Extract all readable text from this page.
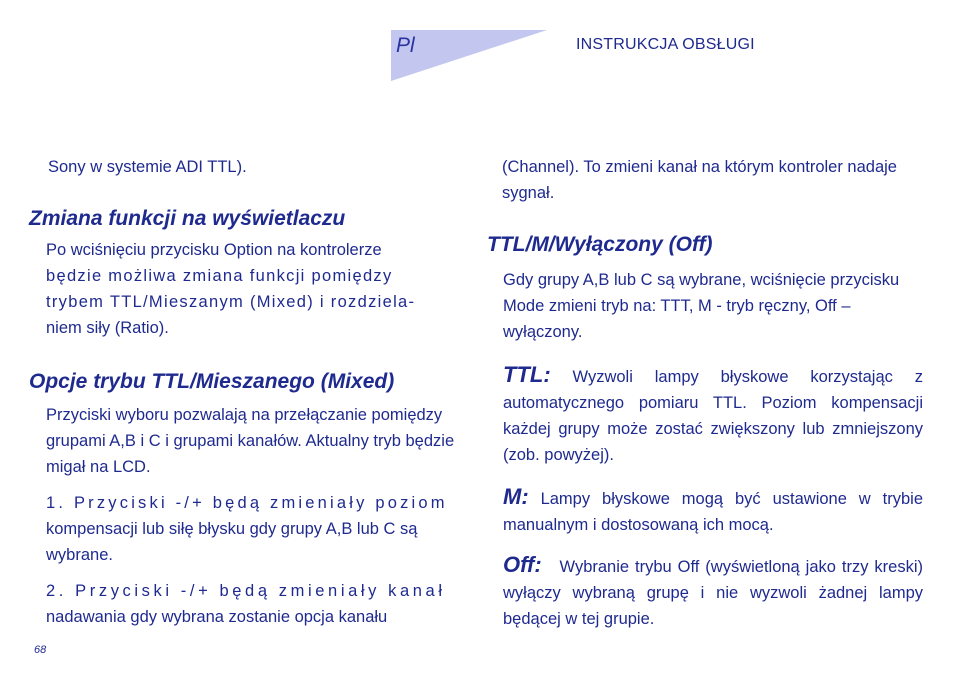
Pl	INSTRUKCJA OBSŁUGI
Sony w systemie ADI TTL).
Zmiana funkcji na wyświetlaczu
Po wciśnięciu przycisku Option na kontrolerze
będzie możliwa zmiana funkcji pomiędzy
trybem TTL/Mieszanym (Mixed) i rozdziela-
niem siły (Ratio).
Opcje trybu TTL/Mieszanego (Mixed)
Przyciski wyboru pozwalają na przełączanie pomiędzy grupami A,B i C i grupami kanałów. Aktualny tryb będzie migał na LCD.
1. Przyciski -/+ będą zmieniały poziom
kompensacji lub siłę błysku gdy grupy A,B lub C są wybrane.
2. Przyciski -/+ będą zmieniały kanał
nadawania gdy wybrana zostanie opcja kanału
(Channel). To zmieni kanał na którym kontroler nadaje sygnał.
TTL/M/Wyłączony (Off)
Gdy grupy A,B lub C są wybrane, wciśnięcie przycisku Mode zmieni tryb na: TTT, M - tryb ręczny, Off – wyłączony.
TTL: Wyzwoli lampy błyskowe korzystając z automatycznego pomiaru TTL. Poziom kompensacji każdej grupy może zostać zwiększony lub zmniejszony (zob. powyżej).
M: Lampy błyskowe mogą być ustawione w trybie manualnym i dostosowaną ich mocą.
Off: Wybranie trybu Off (wyświetloną jako trzy kreski) wyłączy wybraną grupę i nie wyzwoli żadnej lampy będącej w tej grupie.
68
